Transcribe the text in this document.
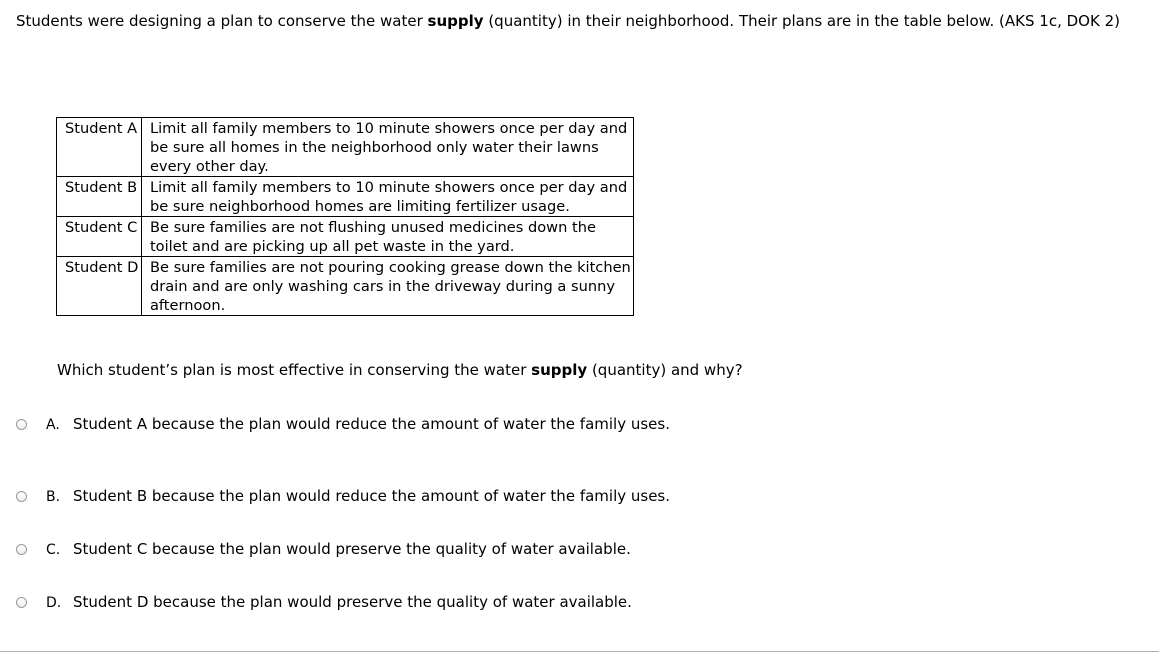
Students were designing a plan to conserve the water supply (quantity) in their neighborhood. Their plans are in the table below. (AKS 1c, DOK 2)

Student A	Limit all family members to 10 minute showers once per day and be sure all homes in the neighborhood only water their lawns every other day.
Student B	Limit all family members to 10 minute showers once per day and be sure neighborhood homes are limiting fertilizer usage.
Student C	Be sure families are not flushing unused medicines down the toilet and are picking up all pet waste in the yard.
Student D	Be sure families are not pouring cooking grease down the kitchen drain and are only washing cars in the driveway during a sunny afternoon.

Which student’s plan is most effective in conserving the water supply (quantity) and why?

A. Student A because the plan would reduce the amount of water the family uses.
B. Student B because the plan would reduce the amount of water the family uses.
C. Student C because the plan would preserve the quality of water available.
D. Student D because the plan would preserve the quality of water available.
